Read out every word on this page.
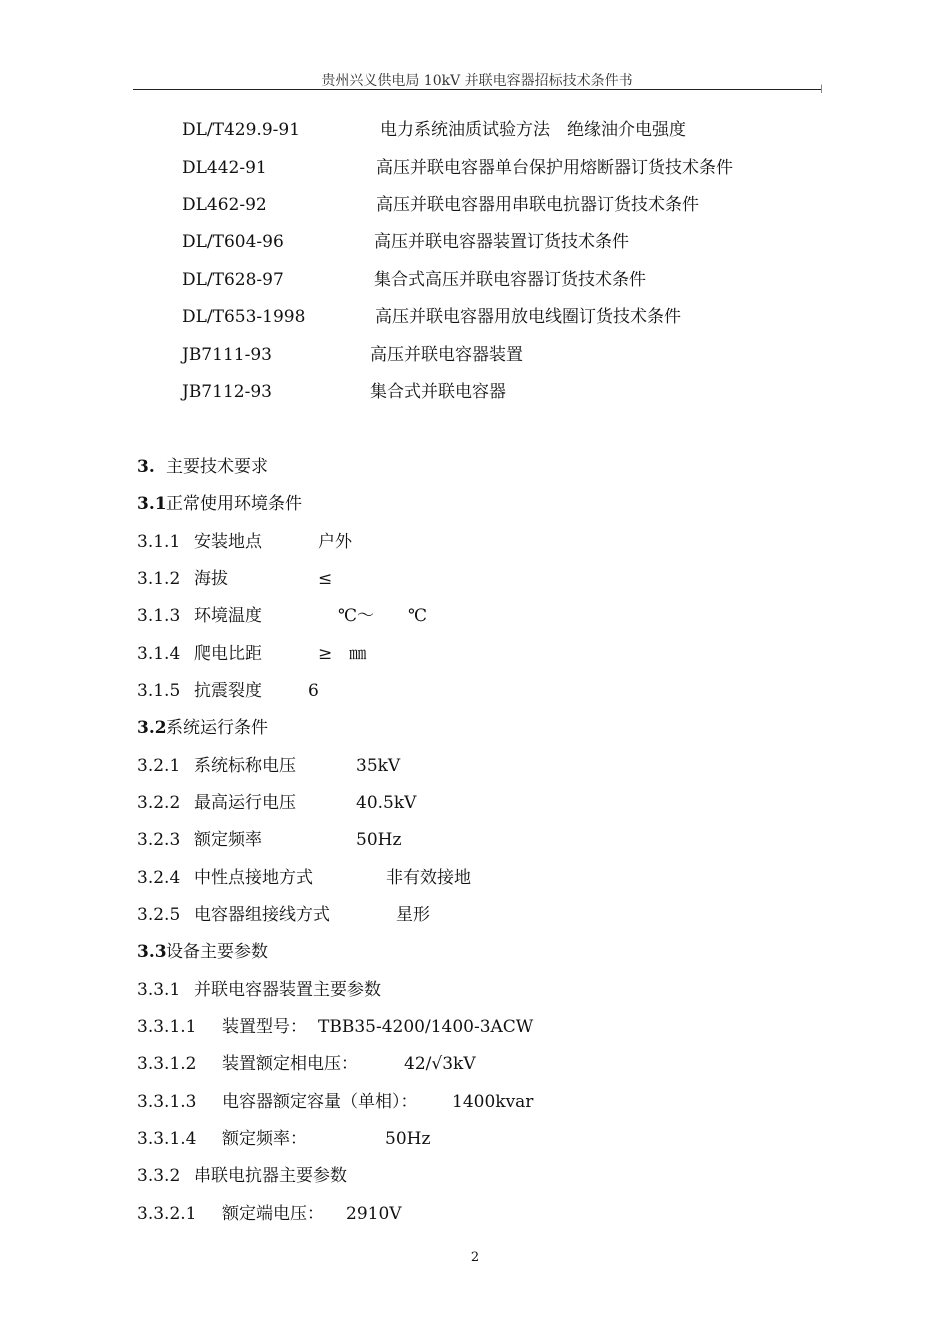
贵州兴义供电局 10kV 并联电容器招标技术条件书	|
DL/T429.9-91	电力系统油质试验方法　绝缘油介电强度
DL442-91	高压并联电容器单台保护用熔断器订货技术条件
DL462-92	高压并联电容器用串联电抗器订货技术条件
DL/T604-96	高压并联电容器装置订货技术条件
DL/T628-97	集合式高压并联电容器订货技术条件
DL/T653-1998	高压并联电容器用放电线圈订货技术条件
JB7111-93	高压并联电容器装置
JB7112-93	集合式并联电容器
3. 主要技术要求
3.1 正常使用环境条件
3.1.1 安装地点	户外
3.1.2 海拔	≤
3.1.3 环境温度	℃～　　℃
3.1.4 爬电比距	≥　㎜
3.1.5 抗震裂度	6
3.2 系统运行条件
3.2.1 系统标称电压	35kV
3.2.2 最高运行电压	40.5kV
3.2.3 额定频率	50Hz
3.2.4 中性点接地方式	非有效接地
3.2.5 电容器组接线方式	星形
3.3 设备主要参数
3.3.1 并联电容器装置主要参数
3.3.1.1 装置型号： TBB35-4200/1400-3ACW
3.3.1.2 装置额定相电压：	42/√3kV
3.3.1.3 电容器额定容量（单相）： 1400kvar
3.3.1.4 额定频率：	50Hz
3.3.2 串联电抗器主要参数
3.3.2.1 额定端电压： 2910V
2
